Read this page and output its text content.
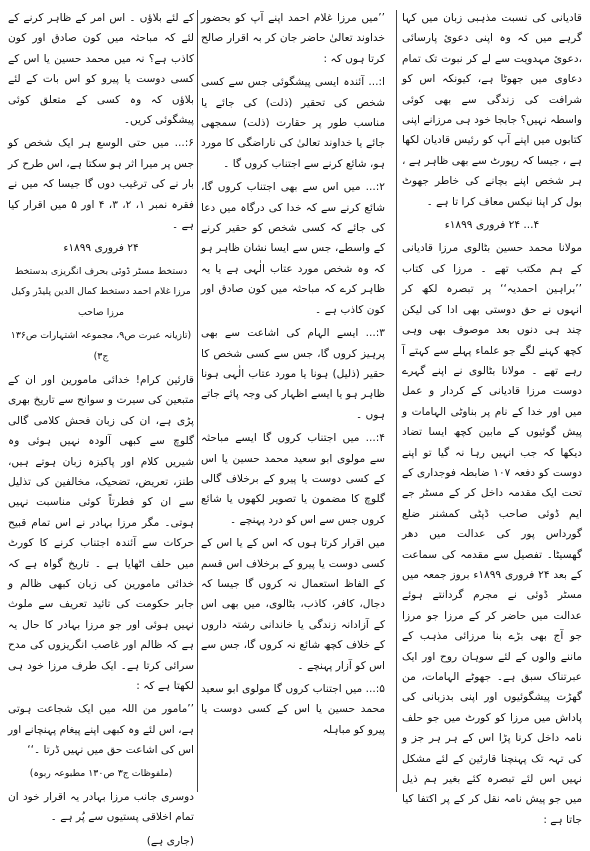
قادیانی کی نسبت مذہبی زبان میں کہا گرہے میں کہ وہ اپنی دعوئ پارسائی ،دعوئ مہدویت سے لے کر نبوت تک تمام دعاوی میں جھوٹا ہے، کیونکہ اس کو شرافت کی زندگی سے بھی کوئی واسطہ نہیں؟ جابجا خود ہی مرزانے اپنی کتابوں میں اپنے آپ کو رئیس قادیان لکھا ہے ، جیسا کہ رپورٹ سے بھی ظاہر ہے ، ہر شخص اپنے بچانے کی خاطر جھوٹ بول کر اپنا نیکس معاف کرا تا ہے ۔

۴... ۲۴ فروری ۱۸۹۹ء

مولانا محمد حسین بٹالوی مرزا قادیانی کے ہم مکتب تھے ۔ مرزا کی کتاب ’’براہین احمدیہ‘‘ پر تبصرہ لکھ کر انہوں نے حق دوستی بھی ادا کی لیکن چند ہی دنوں بعد موصوف بھی وہی کچھ کہنے لگے جو علماء پہلے سے کہتے آ رہے تھے ۔ مولانا بٹالوی نے اپنے گہرے دوست مرزا قادیانی کے کردار و عمل میں اور خدا کے نام پر بناوٹی الہامات و پیش گوئیوں کے مابین کچھ ایسا تضاد دیکھا کہ جب انہیں رہا نہ گیا تو اپنے دوست کو دفعہ ۱۰۷ ضابطہ فوجداری کے تحت ایک مقدمہ داخل کر کے مسٹر جے ایم ڈوئی صاحب ڈپٹی کمشنر ضلع گورداس پور کی عدالت میں دھر گھسیٹا۔ تفصیل سے مقدمہ کی سماعت کے بعد ۲۴ فروری ۱۸۹۹ء بروز جمعہ میں مسٹر ڈوئی نے مجرم گردانتے ہوئے عدالت میں حاضر کر کے مرزا جو مرزا جو آج بھی بڑے بنا مرزائی مذہب کے ماننے والوں کے لئے سوہان روح اور ایک عبرتناک سبق ہے۔ جھوٹے الہامات، من گھڑت پیشگوئیوں اور اپنی بدزبانی کی پاداش میں مرزا کو کورٹ میں جو حلف نامہ داخل کرنا پڑا اس کے ہر ہر جز و کی تہہ تک پہنچنا قارئین کے لئے مشکل نہیں اس لئے تبصرہ کئے بغیر ہم ذیل میں جو پیش نامہ نقل کر کے پر اکتفا کیا جاتا ہے :

’’میں مرزا غلام احمد اپنے آپ کو بحضور خداوند تعالیٰ حاضر جان کر بہ اقرار صالح کرتا ہوں کہ :

ا:... آئندہ ایسی پیشگوئی جس سے کسی شخص کی تحقیر (ذلت) کی جائے یا مناسب طور پر حقارت (ذلت) سمجھی جائے یا خداوند تعالیٰ کی ناراضگی کا مورد ہو، شائع کرنے سے اجتناب کروں گا ۔

۲:... میں اس سے بھی اجتناب کروں گا، شائع کرنے سے کہ خدا کی درگاہ میں دعا کی جائے کہ کسی شخص کو حقیر کرنے کے واسطے، جس سے ایسا نشان ظاہر ہو کہ وہ شخص مورد عتاب الٰہی ہے یا یہ ظاہر کرے کہ مباحثہ میں کون صادق اور کون کاذب ہے ۔

۳:... ایسے الہام کی اشاعت سے بھی پرہیز کروں گا، جس سے کسی شخص کا حقیر (ذلیل) ہونا یا مورد عتاب الٰہی ہونا ظاہر ہو یا ایسے اظہار کی وجہ پائے جاتے ہوں ۔

۴:... میں اجتناب کروں گا ایسے مباحثہ سے مولوی ابو سعید محمد حسین یا اس کے کسی دوست یا پیرو کے برخلاف گالی گلوچ کا مضمون یا تصویر لکھوں یا شائع کروں جس سے اس کو درد پہنچے ۔

میں اقرار کرتا ہوں کہ اس کے یا اس کے کسی دوست یا پیرو کے برخلاف اس قسم کے الفاظ استعمال نہ کروں گا جیسا کہ دجال، کافر، کاذب، بٹالوی، میں بھی اس کے آزادانہ زندگی یا خاندانی رشتہ داروں کے خلاف کچھ شائع نہ کروں گا، جس سے اس کو آزار پہنچے ۔

۵:... میں اجتناب کروں گا مولوی ابو سعید محمد حسین یا اس کے کسی دوست یا پیرو کو مباہلہ

کے لئے بلاؤں ۔ اس امر کے ظاہر کرنے کے لئے کہ مباحثہ میں کون صادق اور کون کاذب ہے؟ نہ میں محمد حسین یا اس کے کسی دوست یا پیرو کو اس بات کے لئے بلاؤں کہ وہ کسی کے متعلق کوئی پیشگوئی کریں۔

۶:... میں حتی الوسع ہر ایک شخص کو جس پر میرا اثر ہو سکتا ہے، اس طرح کر بار نے کی ترغیب دوں گا جیسا کہ میں نے فقرہ نمبر ۱، ۲، ۳، ۴ اور ۵ میں اقرار کیا ہے ۔

۲۴ فروری ۱۸۹۹ء

دستخط مسٹر ڈوئی بحرف انگریزی بدستخط مرزا غلام احمد دستخط کمال الدین پلیڈر وکیل مرزا صاحب

(تازیانہ عبرت ص۹، مجموعہ اشتہارات ص۱۳۶ ج۳)

قارئین کرام! خدائی مامورین اور ان کے متبعین کی سیرت و سوانح سے تاریخ بھری پڑی ہے، ان کی زبان فحش کلامی گالی گلوچ سے کبھی آلودہ نہیں ہوئی وہ شیریں کلام اور پاکیزہ زبان ہوتے ہیں، طنز، تعریض، تضحیک، مخالفین کی تذلیل سے ان کو فطرتاً کوئی مناسبت نہیں ہوتی۔ مگر مرزا بہادر نے اس تمام قبیح حرکات سے آئندہ اجتناب کرنے کا کورٹ میں حلف اٹھایا ہے ۔ تاریخ گواہ ہے کہ خدائی مامورین کی زبان کبھی ظالم و جابر حکومت کی تائید تعریف سے ملوث نہیں ہوئی اور جو مرزا بہادر کا حال یہ ہے کہ ظالم اور غاصب انگریزوں کی مدح سرائی کرتا ہے۔ ایک طرف مرزا خود ہی لکھتا ہے کہ :

’’مامور من اللہ میں ایک شجاعت ہوتی ہے، اس لئے وہ کبھی اپنے پیغام پہنچانے اور اس کی اشاعت حق میں نہیں ڈرتا ۔‘‘

(ملفوظات ج۳ ص۱۳۰ مطبوعہ ربوہ)

دوسری جانب مرزا بہادر یہ اقرار خود ان تمام اخلاقی پستیوں سے پُر ہے ۔

(جاری ہے)
